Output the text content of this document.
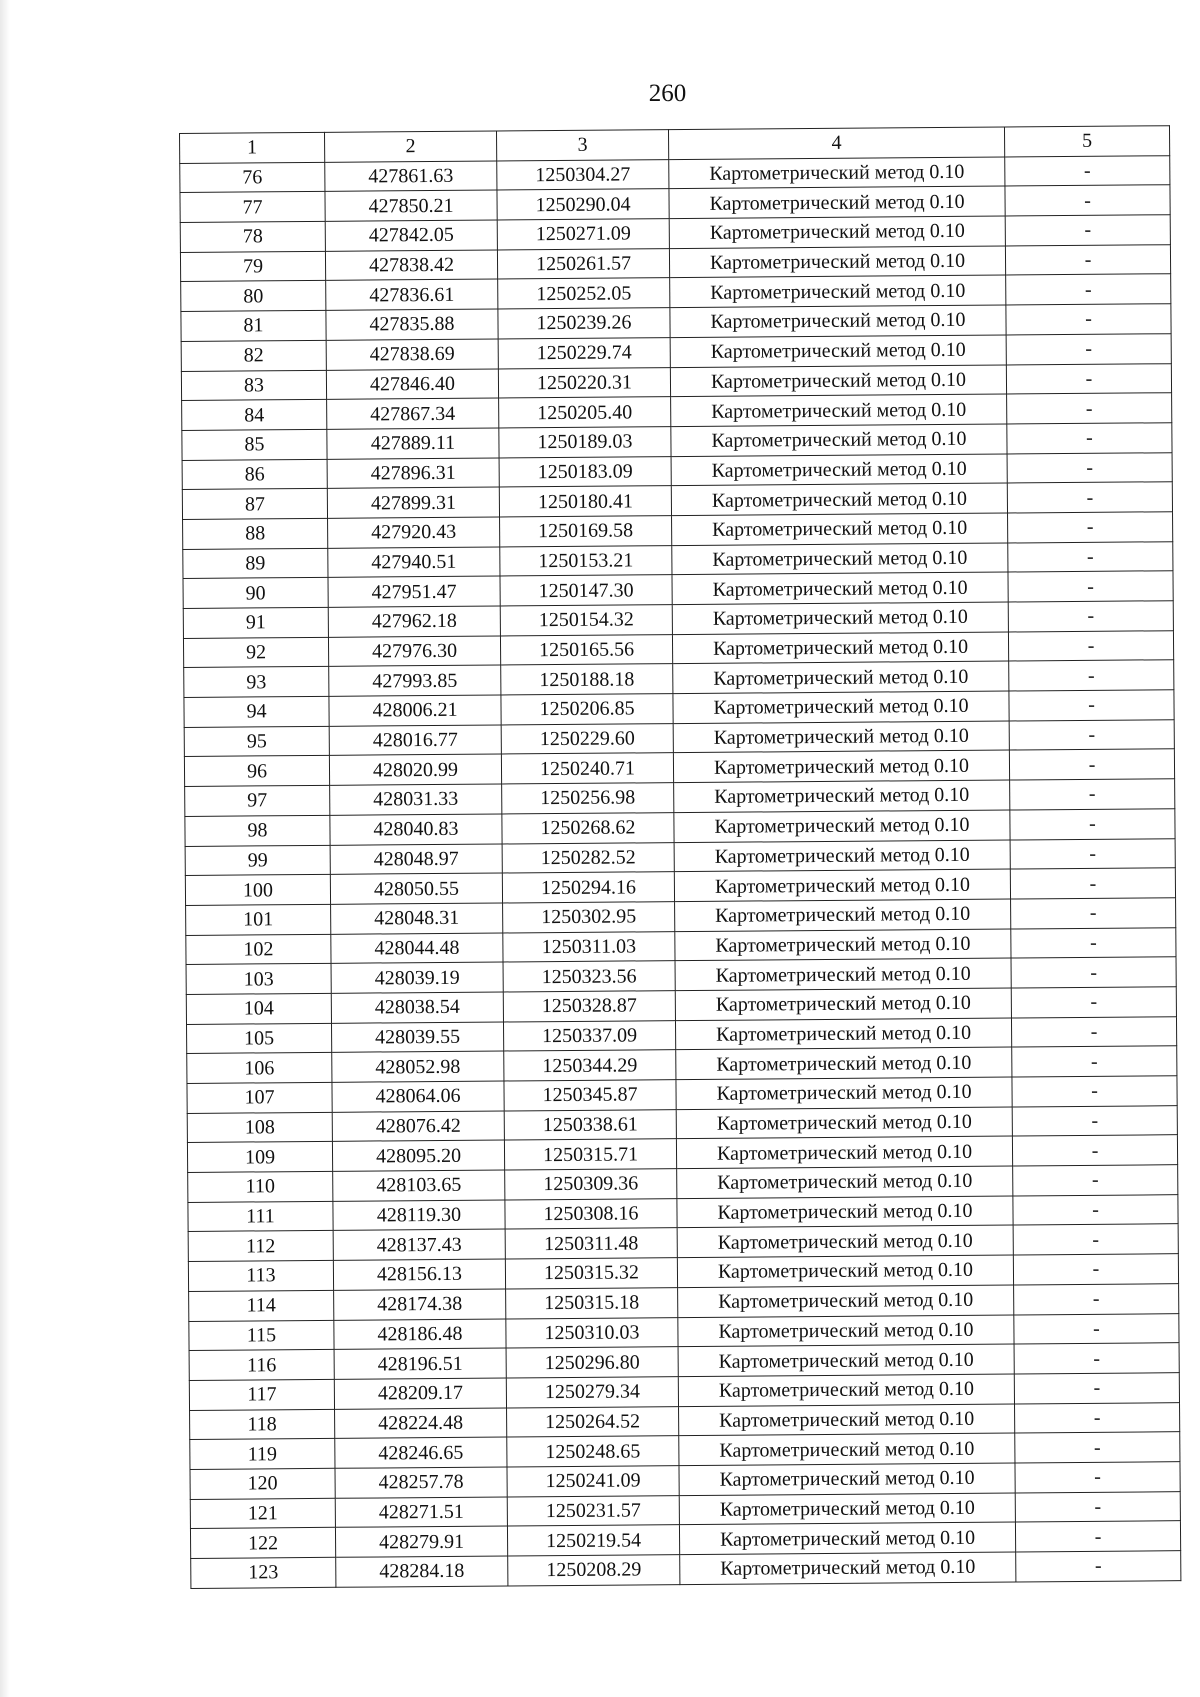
260
1	2	3	4	5
76	427861.63	1250304.27	Картометрический метод 0.10	-
77	427850.21	1250290.04	Картометрический метод 0.10	-
78	427842.05	1250271.09	Картометрический метод 0.10	-
79	427838.42	1250261.57	Картометрический метод 0.10	-
80	427836.61	1250252.05	Картометрический метод 0.10	-
81	427835.88	1250239.26	Картометрический метод 0.10	-
82	427838.69	1250229.74	Картометрический метод 0.10	-
83	427846.40	1250220.31	Картометрический метод 0.10	-
84	427867.34	1250205.40	Картометрический метод 0.10	-
85	427889.11	1250189.03	Картометрический метод 0.10	-
86	427896.31	1250183.09	Картометрический метод 0.10	-
87	427899.31	1250180.41	Картометрический метод 0.10	-
88	427920.43	1250169.58	Картометрический метод 0.10	-
89	427940.51	1250153.21	Картометрический метод 0.10	-
90	427951.47	1250147.30	Картометрический метод 0.10	-
91	427962.18	1250154.32	Картометрический метод 0.10	-
92	427976.30	1250165.56	Картометрический метод 0.10	-
93	427993.85	1250188.18	Картометрический метод 0.10	-
94	428006.21	1250206.85	Картометрический метод 0.10	-
95	428016.77	1250229.60	Картометрический метод 0.10	-
96	428020.99	1250240.71	Картометрический метод 0.10	-
97	428031.33	1250256.98	Картометрический метод 0.10	-
98	428040.83	1250268.62	Картометрический метод 0.10	-
99	428048.97	1250282.52	Картометрический метод 0.10	-
100	428050.55	1250294.16	Картометрический метод 0.10	-
101	428048.31	1250302.95	Картометрический метод 0.10	-
102	428044.48	1250311.03	Картометрический метод 0.10	-
103	428039.19	1250323.56	Картометрический метод 0.10	-
104	428038.54	1250328.87	Картометрический метод 0.10	-
105	428039.55	1250337.09	Картометрический метод 0.10	-
106	428052.98	1250344.29	Картометрический метод 0.10	-
107	428064.06	1250345.87	Картометрический метод 0.10	-
108	428076.42	1250338.61	Картометрический метод 0.10	-
109	428095.20	1250315.71	Картометрический метод 0.10	-
110	428103.65	1250309.36	Картометрический метод 0.10	-
111	428119.30	1250308.16	Картометрический метод 0.10	-
112	428137.43	1250311.48	Картометрический метод 0.10	-
113	428156.13	1250315.32	Картометрический метод 0.10	-
114	428174.38	1250315.18	Картометрический метод 0.10	-
115	428186.48	1250310.03	Картометрический метод 0.10	-
116	428196.51	1250296.80	Картометрический метод 0.10	-
117	428209.17	1250279.34	Картометрический метод 0.10	-
118	428224.48	1250264.52	Картометрический метод 0.10	-
119	428246.65	1250248.65	Картометрический метод 0.10	-
120	428257.78	1250241.09	Картометрический метод 0.10	-
121	428271.51	1250231.57	Картометрический метод 0.10	-
122	428279.91	1250219.54	Картометрический метод 0.10	-
123	428284.18	1250208.29	Картометрический метод 0.10	-
